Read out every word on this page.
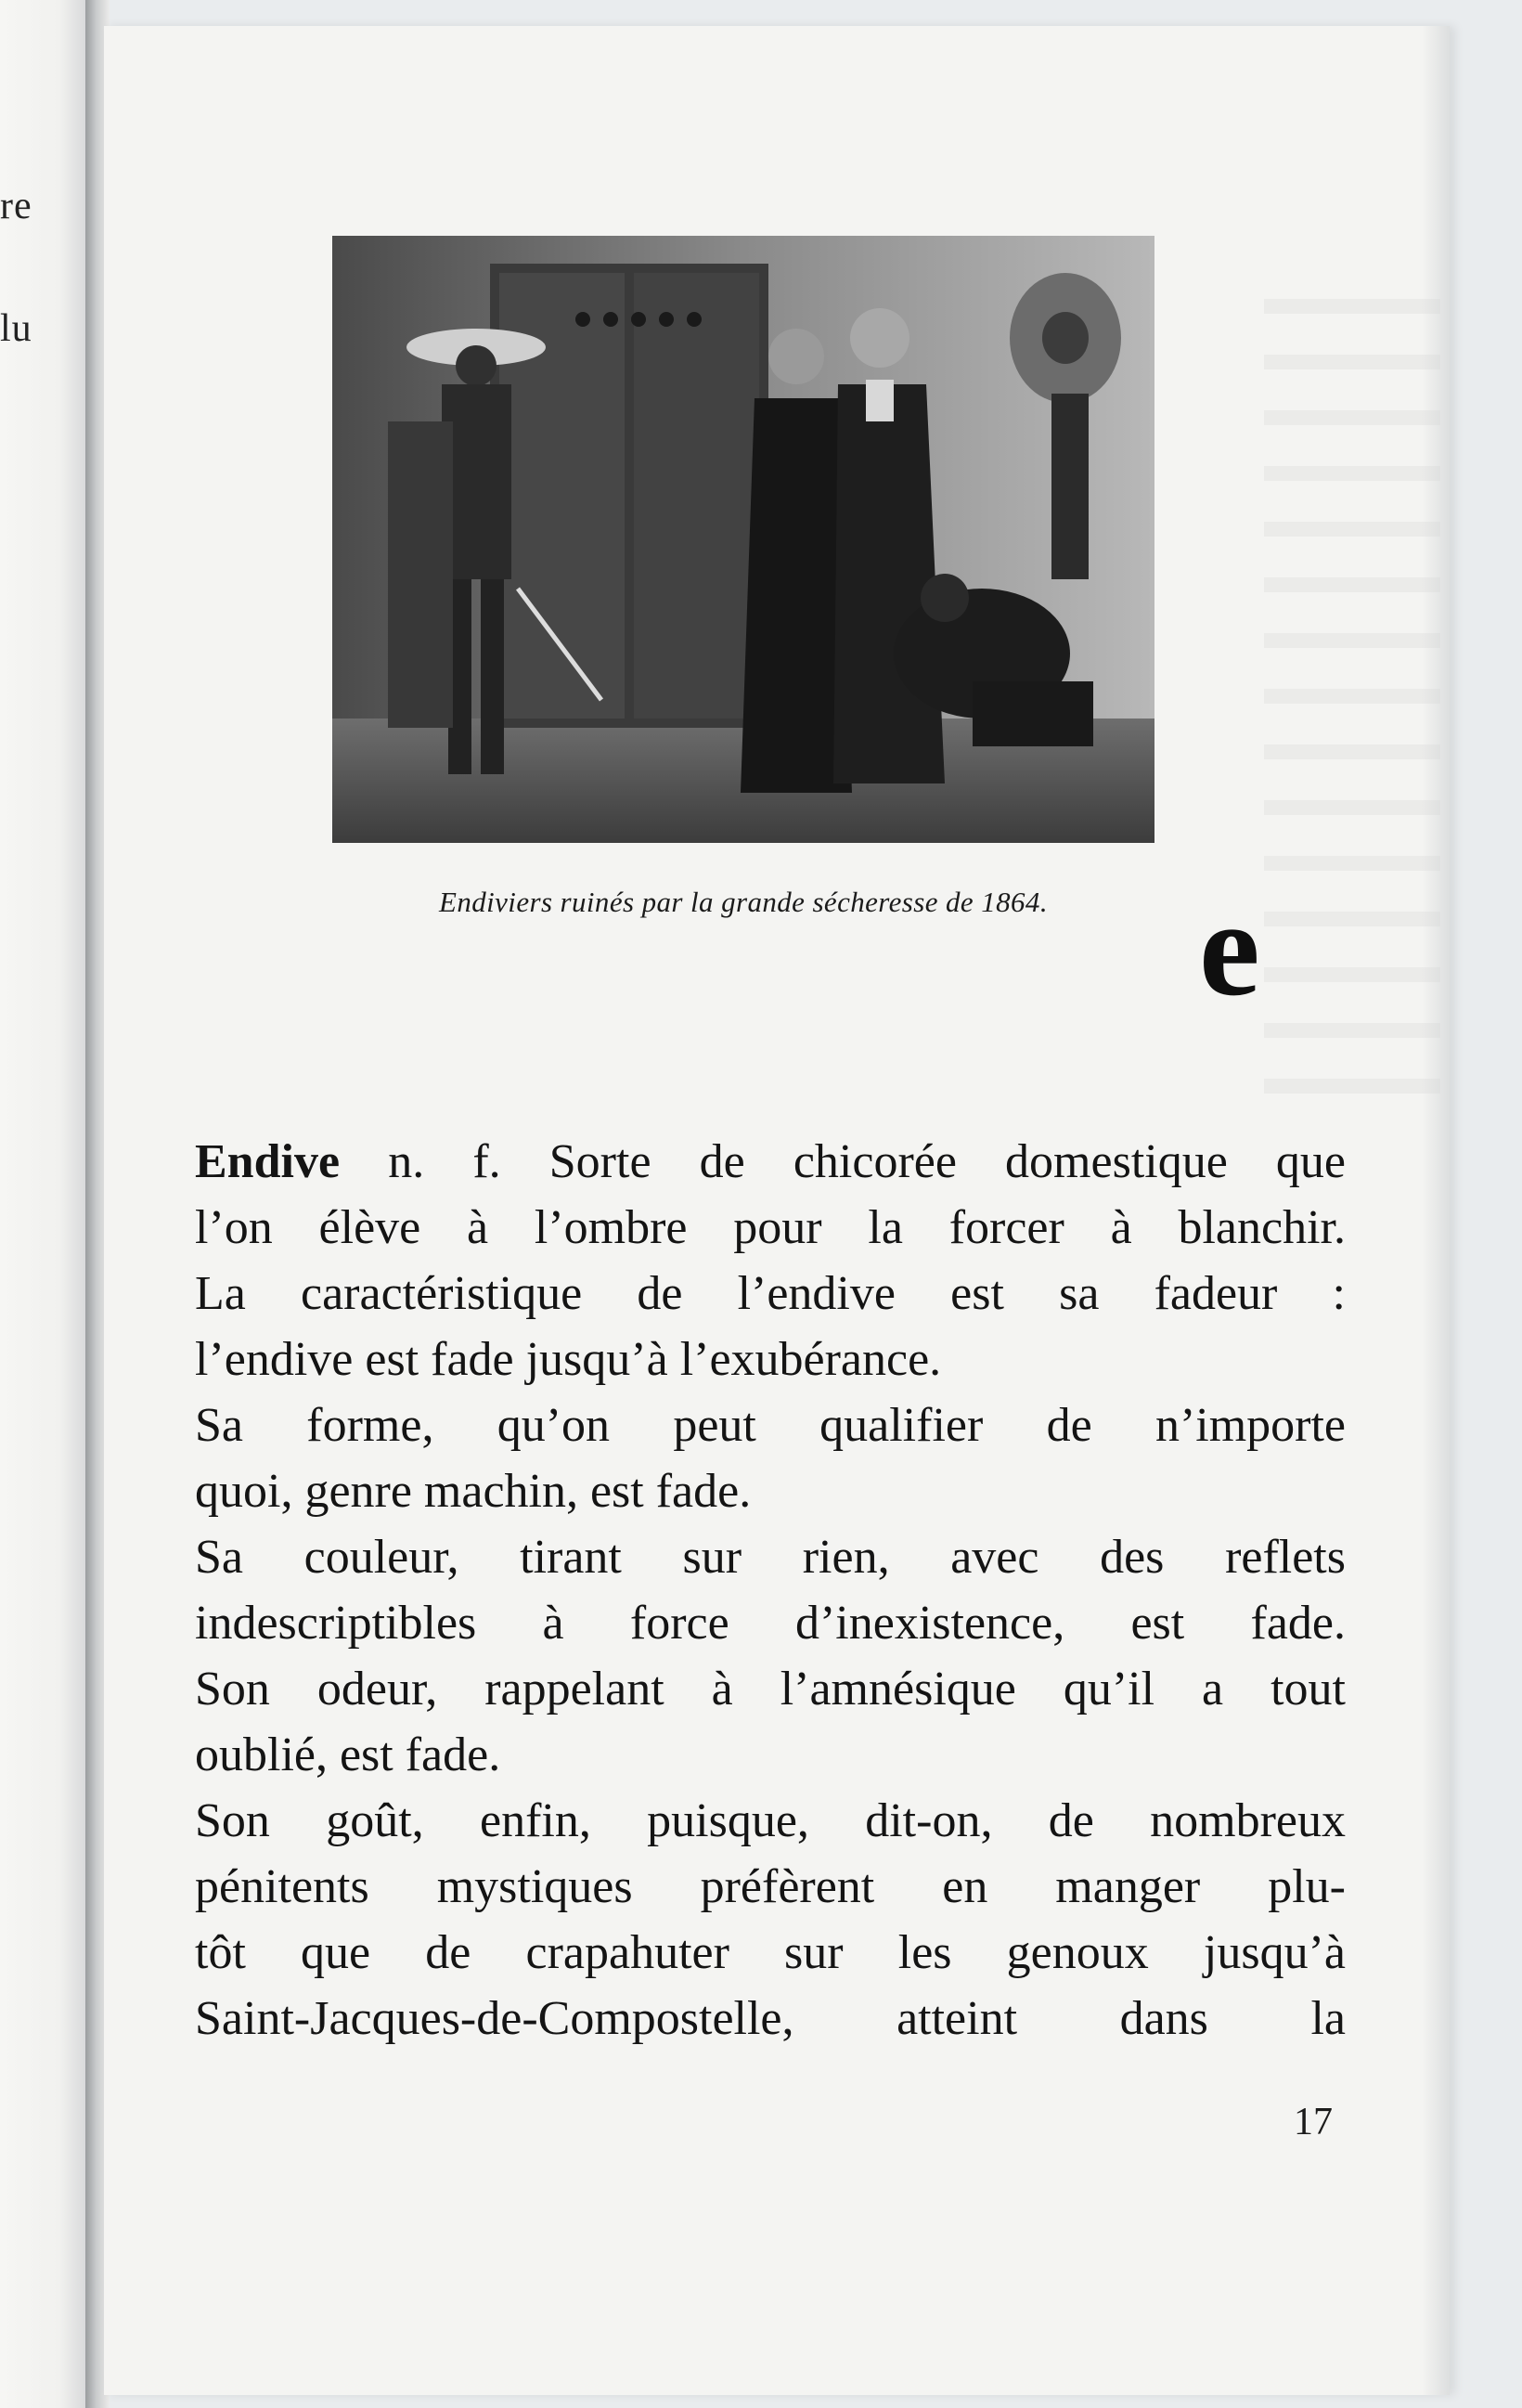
re
lu
Endiviers ruinés par la grande sécheresse de 1864.	e
Endive n. f. Sorte de chicorée domestique que
l’on élève à l’ombre pour la forcer à blanchir.
La caractéristique de l’endive est sa fadeur :
l’endive est fade jusqu’à l’exubérance.
Sa forme, qu’on peut qualifier de n’importe
quoi, genre machin, est fade.
Sa couleur, tirant sur rien, avec des reflets
indescriptibles à force d’inexistence, est fade.
Son odeur, rappelant à l’amnésique qu’il a tout
oublié, est fade.
Son goût, enfin, puisque, dit-on, de nombreux
pénitents mystiques préfèrent en manger plu-
tôt que de crapahuter sur les genoux jusqu’à
Saint-Jacques-de-Compostelle, atteint dans la
17
